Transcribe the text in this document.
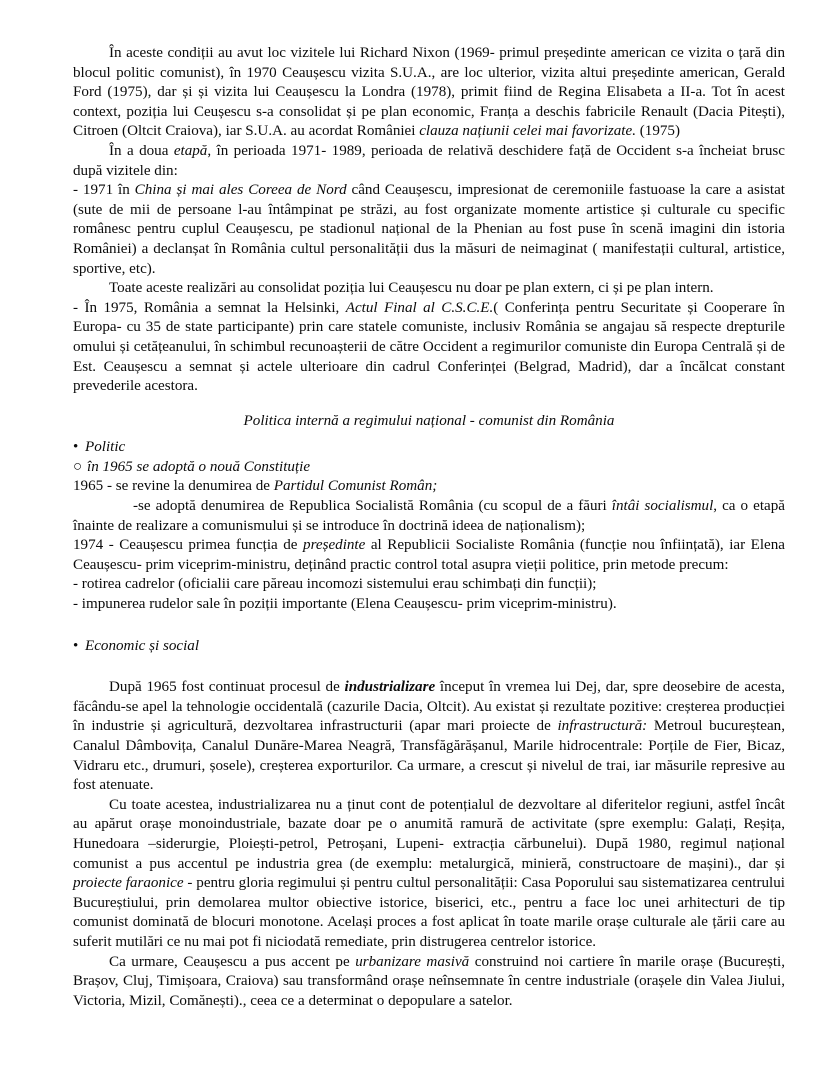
În aceste condiții au avut loc vizitele lui Richard Nixon (1969- primul președinte american ce vizita o țară din blocul politic comunist), în 1970 Ceaușescu vizita S.U.A., are loc ulterior, vizita altui președinte american, Gerald Ford (1975), dar și și vizita lui Ceaușescu la Londra (1978), primit fiind de Regina Elisabeta a II-a. Tot în acest context, poziția lui Ceușescu s-a consolidat și pe plan economic, Franța a deschis fabricile Renault (Dacia Pitești), Citroen (Oltcit Craiova), iar S.U.A. au acordat României clauza națiunii celei mai favorizate. (1975)

În a doua etapă, în perioada 1971- 1989, perioada de relativă deschidere față de Occident s-a încheiat brusc după vizitele din:

- 1971 în China și mai ales Coreea de Nord când Ceaușescu, impresionat de ceremoniile fastuoase la care a asistat (sute de mii de persoane l-au întâmpinat pe străzi, au fost organizate momente artistice și culturale cu specific românesc pentru cuplul Ceaușescu, pe stadionul național de la Phenian au fost puse în scenă imagini din istoria României) a declanșat în România cultul personalității dus la măsuri de neimaginat ( manifestații cultural, artistice, sportive, etc).

Toate aceste realizări au consolidat poziția lui Ceaușescu nu doar pe plan extern, ci și pe plan intern.

- În 1975, România a semnat la Helsinki, Actul Final al C.S.C.E.( Conferința pentru Securitate și Cooperare în Europa- cu 35 de state participante) prin care statele comuniste, inclusiv România se angajau să respecte drepturile omului și cetățeanului, în schimbul recunoașterii de către Occident a regimurilor comuniste din Europa Centrală și de Est. Ceaușescu a semnat și actele ulterioare din cadrul Conferinței (Belgrad, Madrid), dar a încălcat constant prevederile acestora.

Politica internă a regimului național - comunist din România

• Politic

○ în 1965 se adoptă o nouă Constituție

1965 - se revine la denumirea de Partidul Comunist Român;

-se adoptă denumirea de Republica Socialistă România (cu scopul de a făuri întâi socialismul, ca o etapă înainte de realizare a comunismului și se introduce în doctrină ideea de naționalism);

1974 - Ceaușescu primea funcția de președinte al Republicii Socialiste România (funcție nou înființată), iar Elena Ceaușescu- prim viceprim-ministru, deținând practic control total asupra vieții politice, prin metode precum:

- rotirea cadrelor (oficialii care păreau incomozi sistemului erau schimbați din funcții);

- impunerea rudelor sale în poziții importante (Elena Ceaușescu- prim viceprim-ministru).

• Economic și social

După 1965 fost continuat procesul de industrializare început în vremea lui Dej, dar, spre deosebire de acesta, făcându-se apel la tehnologie occidentală (cazurile Dacia, Oltcit). Au existat și rezultate pozitive: creșterea producției în industrie și agricultură, dezvoltarea infrastructurii (apar mari proiecte de infrastructură: Metroul bucureștean, Canalul Dâmbovița, Canalul Dunăre-Marea Neagră, Transfăgărășanul, Marile hidrocentrale: Porțile de Fier, Bicaz, Vidraru etc., drumuri, șosele), creșterea exporturilor. Ca urmare, a crescut și nivelul de trai, iar măsurile represive au fost atenuate.

Cu toate acestea, industrializarea nu a ținut cont de potențialul de dezvoltare al diferitelor regiuni, astfel încât au apărut orașe monoindustriale, bazate doar pe o anumită ramură de activitate (spre exemplu: Galați, Reșița, Hunedoara –siderurgie, Ploiești-petrol, Petroșani, Lupeni- extracția cărbunelui). După 1980, regimul național comunist a pus accentul pe industria grea (de exemplu: metalurgică, minieră, constructoare de mașini)., dar și proiecte faraonice - pentru gloria regimului și pentru cultul personalității: Casa Poporului sau sistematizarea centrului Bucureștiului, prin demolarea multor obiective istorice, biserici, etc., pentru a face loc unei arhitecturi de tip comunist dominată de blocuri monotone. Același proces a fost aplicat în toate marile orașe culturale ale țării care au suferit mutilări ce nu mai pot fi niciodată remediate, prin distrugerea centrelor istorice.

Ca urmare, Ceaușescu a pus accent pe urbanizare masivă construind noi cartiere în marile orașe (București, Brașov, Cluj, Timișoara, Craiova) sau transformând orașe neînsemnate în centre industriale (orașele din Valea Jiului, Victoria, Mizil, Comănești)., ceea ce a determinat o depopulare a satelor.
